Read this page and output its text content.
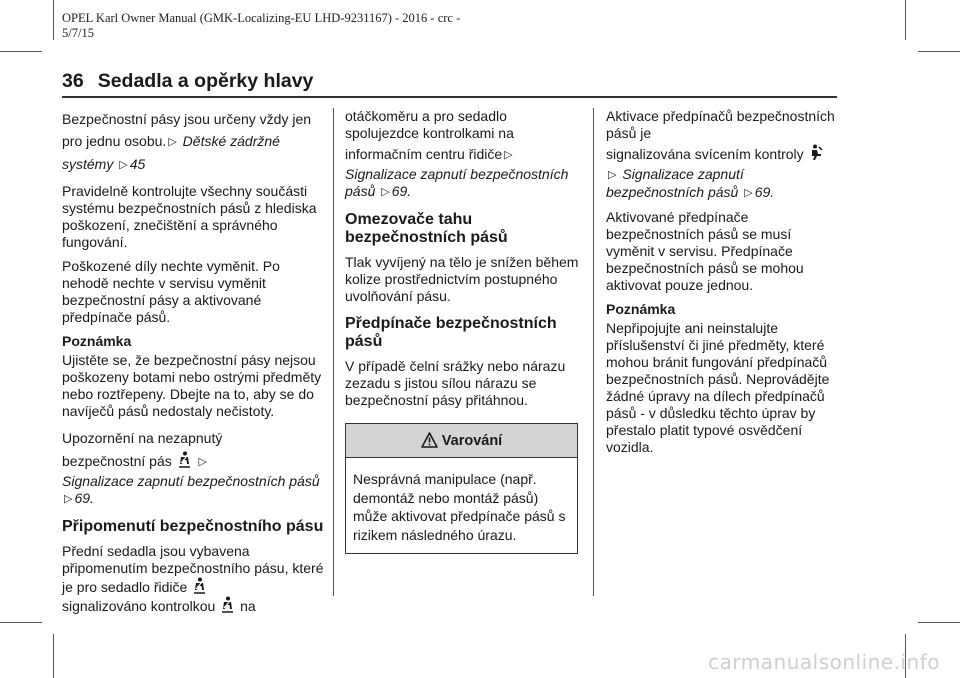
OPEL Karl Owner Manual (GMK-Localizing-EU LHD-9231167) - 2016 - crc - 5/7/15
36 Sedadla a opěrky hlavy

Bezpečnostní pásy jsou určeny vždy jen pro jednu osobu. ▷ Dětské zádržné systémy ▷ 45

Pravidelně kontrolujte všechny součásti systému bezpečnostních pásů z hlediska poškození, znečištění a správného fungování.

Poškozené díly nechte vyměnit. Po nehodě nechte v servisu vyměnit bezpečnostní pásy a aktivované předpínače pásů.

Poznámka

Ujistěte se, že bezpečnostní pásy nejsou poškozeny botami nebo ostrými předměty nebo roztřepeny. Dbejte na to, aby se do navíječů pásů nedostaly nečistoty.

Upozornění na nezapnutý
bezpečnostní pás ▷

Signalizace zapnutí bezpečnostních pásů ▷ 69.

Připomenutí bezpečnostního pásu

Přední sedadla jsou vybavena připomenutím bezpečnostního pásu, které je pro sedadlo řidiče
signalizováno kontrolkou na

otáčkoměru a pro sedadlo spolujezdce kontrolkami na
informačním centru řidiče ▷
Signalizace zapnutí bezpečnostních pásů ▷ 69.

Omezovače tahu bezpečnostních pásů

Tlak vyvíjený na tělo je snížen během kolize prostřednictvím postupného uvolňování pásu.

Předpínače bezpečnostních pásů

V případě čelní srážky nebo nárazu zezadu s jistou sílou nárazu se bezpečnostní pásy přitáhnou.

Varování
Nesprávná manipulace (např. demontáž nebo montáž pásů) může aktivovat předpínače pásů s rizikem následného úrazu.

Aktivace předpínačů bezpečnostních pásů je
signalizována svícením kontroly
▷ Signalizace zapnutí bezpečnostních pásů ▷ 69.

Aktivované předpínače bezpečnostních pásů se musí vyměnit v servisu. Předpínače bezpečnostních pásů se mohou aktivovat pouze jednou.

Poznámka

Nepřipojujte ani neinstalujte příslušenství či jiné předměty, které mohou bránit fungování předpínačů bezpečnostních pásů. Neprovádějte žádné úpravy na dílech předpínačů pásů - v důsledku těchto úprav by přestalo platit typové osvědčení vozidla.

carmanualsonline.info
